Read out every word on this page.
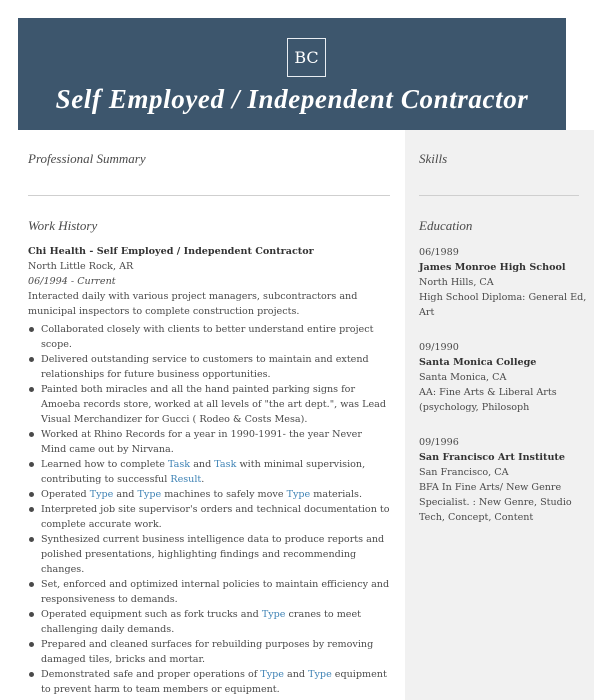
BC
Self Employed / Independent Contractor
Professional Summary	Skills
Work History	Education
Chi Health - Self Employed / Independent Contractor
North Little Rock, AR
06/1994 - Current
Interacted daily with various project managers, subcontractors and municipal inspectors to complete construction projects.
Collaborated closely with clients to better understand entire project scope.
Delivered outstanding service to customers to maintain and extend relationships for future business opportunities.
Painted both miracles and all the hand painted parking signs for Amoeba records store, worked at all levels of "the art dept.", was Lead Visual Merchandizer for Gucci ( Rodeo & Costs Mesa).
Worked at Rhino Records for a year in 1990-1991- the year Never Mind came out by Nirvana.
Learned how to complete Task and Task with minimal supervision, contributing to successful Result.
Operated Type and Type machines to safely move Type materials.
Interpreted job site supervisor's orders and technical documentation to complete accurate work.
Synthesized current business intelligence data to produce reports and polished presentations, highlighting findings and recommending changes.
Set, enforced and optimized internal policies to maintain efficiency and responsiveness to demands.
Operated equipment such as fork trucks and Type cranes to meet challenging daily demands.
Prepared and cleaned surfaces for rebuilding purposes by removing damaged tiles, bricks and mortar.
Demonstrated safe and proper operations of Type and Type equipment to prevent harm to team members or equipment.
06/1989
James Monroe High School
North Hills, CA
High School Diploma: General Ed, Art
09/1990
Santa Monica College
Santa Monica, CA
AA: Fine Arts & Liberal Arts (psychology, Philosoph
09/1996
San Francisco Art Institute
San Francisco, CA
BFA In Fine Arts/ New Genre Specialist. : New Genre, Studio Tech, Concept, Content
